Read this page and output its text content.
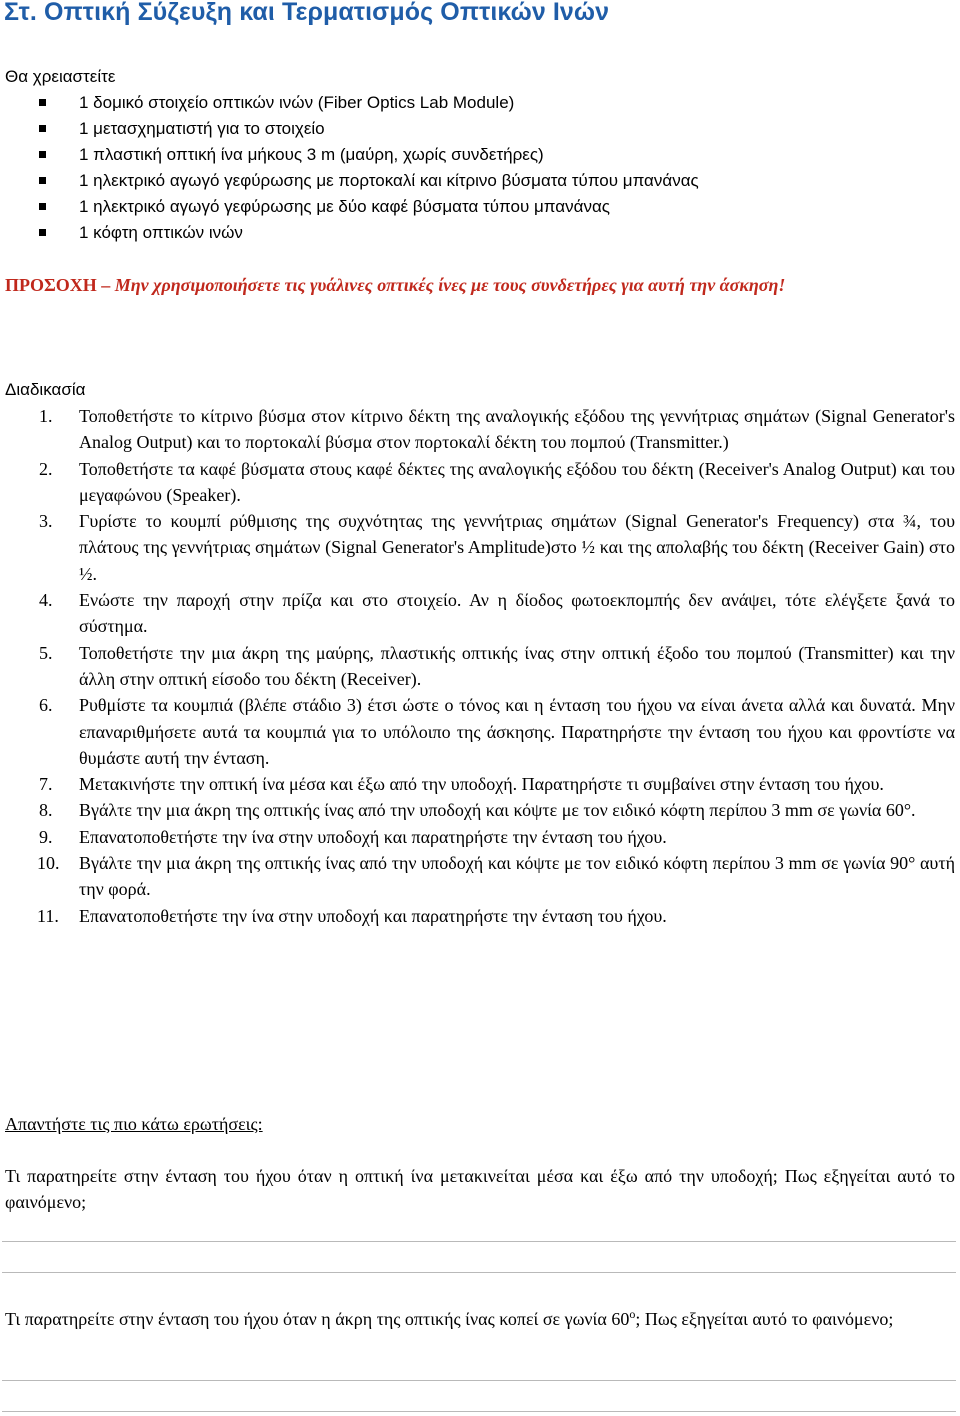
Στ. Οπτική Σύζευξη και Τερματισμός Οπτικών Ινών
Θα χρειαστείτε
1 δομικό στοιχείο οπτικών ινών (Fiber Optics Lab Module)
1 μετασχηματιστή για το στοιχείο
1 πλαστική οπτική ίνα μήκους 3 m (μαύρη, χωρίς συνδετήρες)
1 ηλεκτρικό αγωγό γεφύρωσης με πορτοκαλί και κίτρινο βύσματα τύπου μπανάνας
1 ηλεκτρικό αγωγό γεφύρωσης με δύο καφέ βύσματα τύπου μπανάνας
1 κόφτη οπτικών ινών
ΠΡΟΣΟΧΗ – Μην χρησιμοποιήσετε τις γυάλινες οπτικές ίνες με τους συνδετήρες για αυτή την άσκηση!
Διαδικασία
1. Τοποθετήστε το κίτρινο βύσμα στον κίτρινο δέκτη της αναλογικής εξόδου της γεννήτριας σημάτων (Signal Generator's Analog Output) και το πορτοκαλί βύσμα στον πορτοκαλί δέκτη του πομπού (Transmitter.)
2. Τοποθετήστε τα καφέ βύσματα στους καφέ δέκτες της αναλογικής εξόδου του δέκτη (Receiver's Analog Output) και του μεγαφώνου (Speaker).
3. Γυρίστε το κουμπί ρύθμισης της συχνότητας της γεννήτριας σημάτων (Signal Generator's Frequency) στα ¾, του πλάτους της γεννήτριας σημάτων (Signal Generator's Amplitude)στο ½ και της απολαβής του δέκτη (Receiver Gain) στο ½.
4. Ενώστε την παροχή στην πρίζα και στο στοιχείο. Αν η δίοδος φωτοεκπομπής δεν ανάψει, τότε ελέγξετε ξανά το σύστημα.
5. Τοποθετήστε την μια άκρη της μαύρης, πλαστικής οπτικής ίνας στην οπτική έξοδο του πομπού (Transmitter) και την άλλη στην οπτική είσοδο του δέκτη (Receiver).
6. Ρυθμίστε τα κουμπιά (βλέπε στάδιο 3) έτσι ώστε ο τόνος και η ένταση του ήχου να είναι άνετα αλλά και δυνατά. Μην επαναριθμήσετε αυτά τα κουμπιά για το υπόλοιπο της άσκησης. Παρατηρήστε την ένταση του ήχου και φροντίστε να θυμάστε αυτή την ένταση.
7. Μετακινήστε την οπτική ίνα μέσα και έξω από την υποδοχή. Παρατηρήστε τι συμβαίνει στην ένταση του ήχου.
8. Βγάλτε την μια άκρη της οπτικής ίνας από την υποδοχή και κόψτε με τον ειδικό κόφτη περίπου 3 mm σε γωνία 60°.
9. Επανατοποθετήστε την ίνα στην υποδοχή και παρατηρήστε την ένταση του ήχου.
10. Βγάλτε την μια άκρη της οπτικής ίνας από την υποδοχή και κόψτε με τον ειδικό κόφτη περίπου 3 mm σε γωνία 90° αυτή την φορά.
11. Επανατοποθετήστε την ίνα στην υποδοχή και παρατηρήστε την ένταση του ήχου.
Απαντήστε τις πιο κάτω ερωτήσεις:
Τι παρατηρείτε στην ένταση του ήχου όταν η οπτική ίνα μετακινείται μέσα και έξω από την υποδοχή; Πως εξηγείται αυτό το φαινόμενο;
Τι παρατηρείτε στην ένταση του ήχου όταν η άκρη της οπτικής ίνας κοπεί σε γωνία $60^o$; Πως εξηγείται αυτό το φαινόμενο;
